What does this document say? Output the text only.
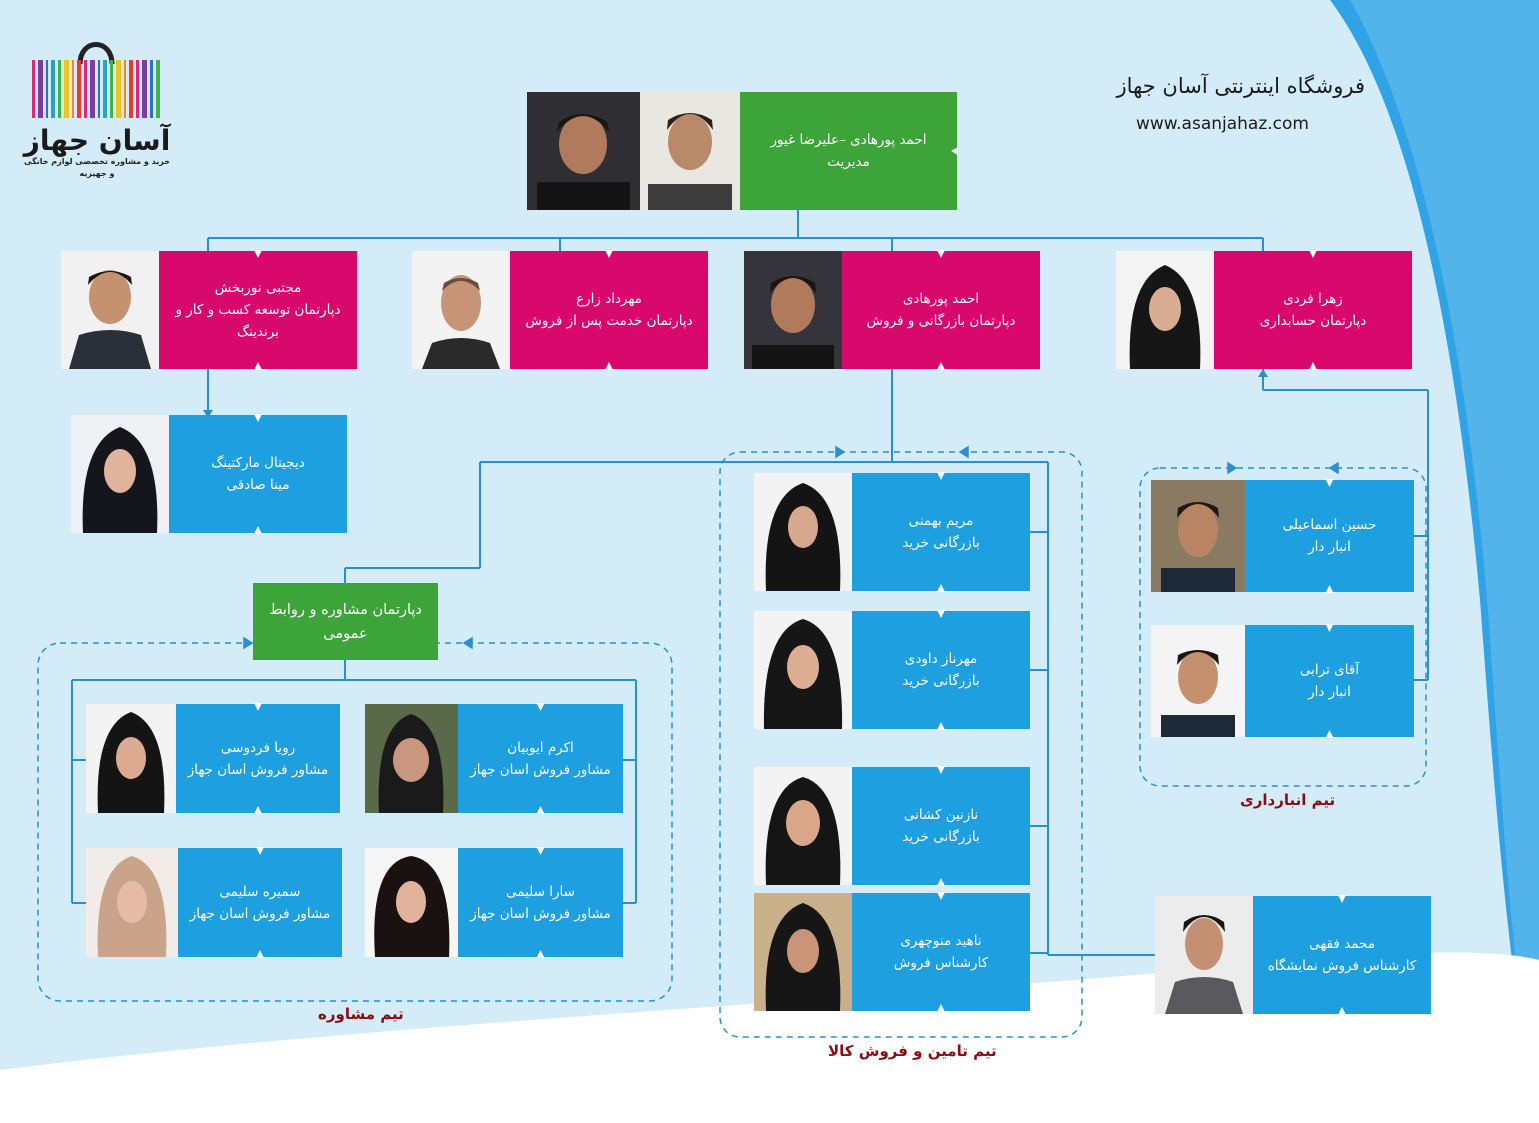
آسان جهاز
خرید و مشاوره تخصصی لوازم خانگی و جهیزیه
فروشگاه اینترنتی آسان جهاز
www.asanjahaz.com
احمد پورهادی –علیرضا غیور
مدیریت
مجتبی نوربخش
دپارتمان توسعه کسب و کار و برندینگ
مهرداد زارع
دپارتمان خدمت پس از فروش
احمد پورهادی
دپارتمان بازرگانی و فروش
زهرا فردی
دپارتمان حسابداری
دیجیتال مارکتینگ
مینا صادقی
دپارتمان مشاوره و روابط عمومی
اکرم ایوبیان
مشاور فروش اسان جهاز
رویا فردوسی
مشاور فروش اسان جهاز
سارا سلیمی
مشاور فروش اسان جهاز
سمیره سلیمی
مشاور فروش اسان جهاز
مریم بهمنی
بازرگانی خرید
مهرناز داودی
بازرگانی خرید
نازنین کشانی
بازرگانی خرید
ناهید منوچهری
کارشناس فروش
حسین اسماعیلی
انبار دار
آقای ترابی
انبار دار
محمد فقهی
کارشناس فروش نمایشگاه
تیم مشاوره
تیم تامین و فروش کالا
تیم انبارداری
